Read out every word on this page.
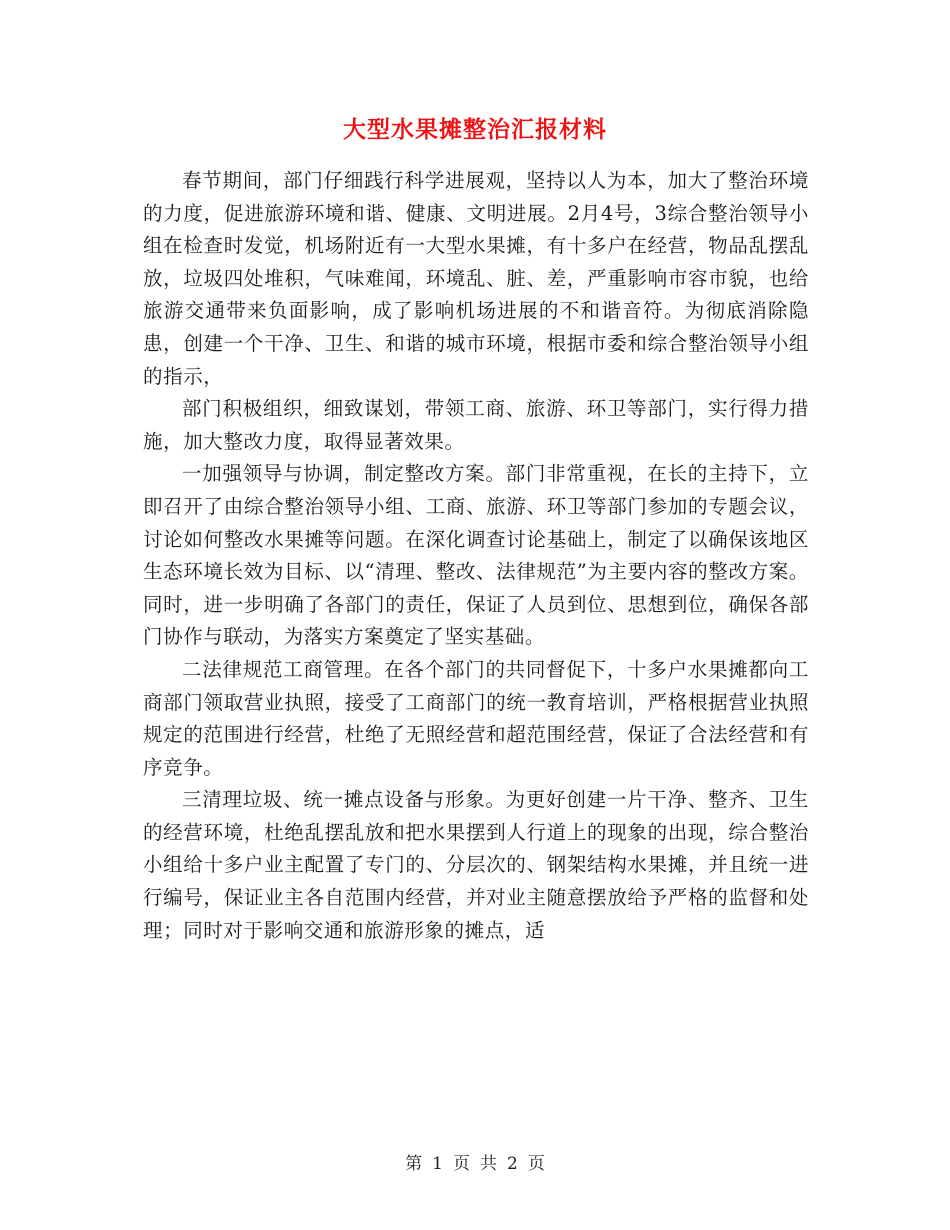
大型水果摊整治汇报材料

春节期间，部门仔细践行科学进展观，坚持以人为本，加大了整治环境的力度，促进旅游环境和谐、健康、文明进展。2月4号，3综合整治领导小组在检查时发觉，机场附近有一大型水果摊，有十多户在经营，物品乱摆乱放，垃圾四处堆积，气味难闻，环境乱、脏、差，严重影响市容市貌，也给旅游交通带来负面影响，成了影响机场进展的不和谐音符。为彻底消除隐患，创建一个干净、卫生、和谐的城市环境，根据市委和综合整治领导小组的指示，

部门积极组织，细致谋划，带领工商、旅游、环卫等部门，实行得力措施，加大整改力度，取得显著效果。

一加强领导与协调，制定整改方案。部门非常重视，在长的主持下，立即召开了由综合整治领导小组、工商、旅游、环卫等部门参加的专题会议，讨论如何整改水果摊等问题。在深化调查讨论基础上，制定了以确保该地区生态环境长效为目标、以“清理、整改、法律规范”为主要内容的整改方案。同时，进一步明确了各部门的责任，保证了人员到位、思想到位，确保各部门协作与联动，为落实方案奠定了坚实基础。

二法律规范工商管理。在各个部门的共同督促下，十多户水果摊都向工商部门领取营业执照，接受了工商部门的统一教育培训，严格根据营业执照规定的范围进行经营，杜绝了无照经营和超范围经营，保证了合法经营和有序竞争。

三清理垃圾、统一摊点设备与形象。为更好创建一片干净、整齐、卫生的经营环境，杜绝乱摆乱放和把水果摆到人行道上的现象的出现，综合整治小组给十多户业主配置了专门的、分层次的、钢架结构水果摊，并且统一进行编号，保证业主各自范围内经营，并对业主随意摆放给予严格的监督和处理；同时对于影响交通和旅游形象的摊点，适

第 1 页 共 2 页
